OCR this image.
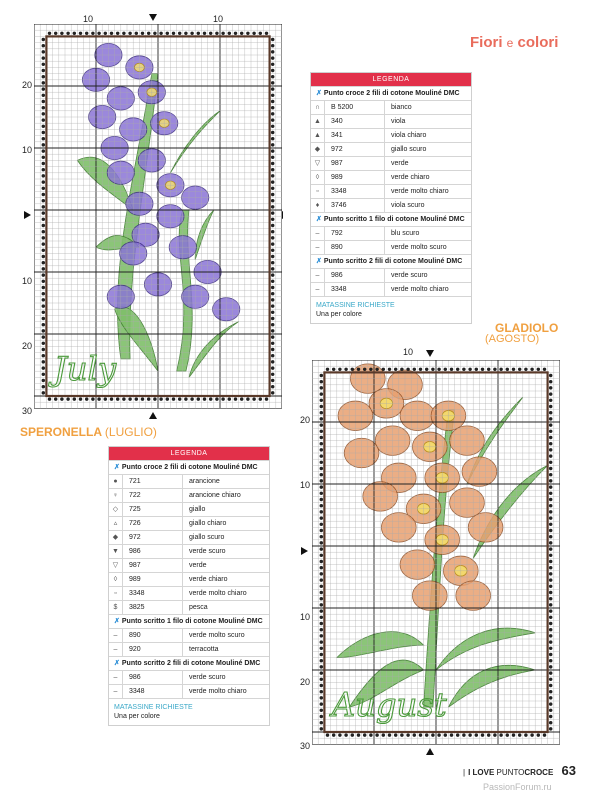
Fiori e colori
10	10
20
10
10
20
30
July
SPERONELLA (LUGLIO)
LEGENDA
✗ Punto croce 2 fili di cotone Mouliné DMC
∩	B 5200	bianco
▲	340	viola
▲	341	viola chiaro
◆	972	giallo scuro
▽	987	verde
◊	989	verde chiaro
▫	3348	verde molto chiaro
♦	3746	viola scuro
✗ Punto scritto 1 filo di cotone Mouliné DMC
–	792	blu scuro
–	890	verde molto scuro
✗ Punto scritto 2 fili di cotone Mouliné DMC
–	986	verde scuro
–	3348	verde molto chiaro
MATASSINE RICHIESTE
Una per colore
GLADIOLO
(AGOSTO)
10
20
10
10
20
30
August
LEGENDA
✗ Punto croce 2 fili di cotone Mouliné DMC
●	721	arancione
♀	722	arancione chiaro
◇	725	giallo
▵	726	giallo chiaro
◆	972	giallo scuro
▼	986	verde scuro
▽	987	verde
◊	989	verde chiaro
▫	3348	verde molto chiaro
$	3825	pesca
✗ Punto scritto 1 filo di cotone Mouliné DMC
–	890	verde molto scuro
–	920	terracotta
✗ Punto scritto 2 fili di cotone Mouliné DMC
–	986	verde scuro
–	3348	verde molto chiaro
MATASSINE RICHIESTE
Una per colore
| I LOVE PUNTOCROCE 63
PassionForum.ru
